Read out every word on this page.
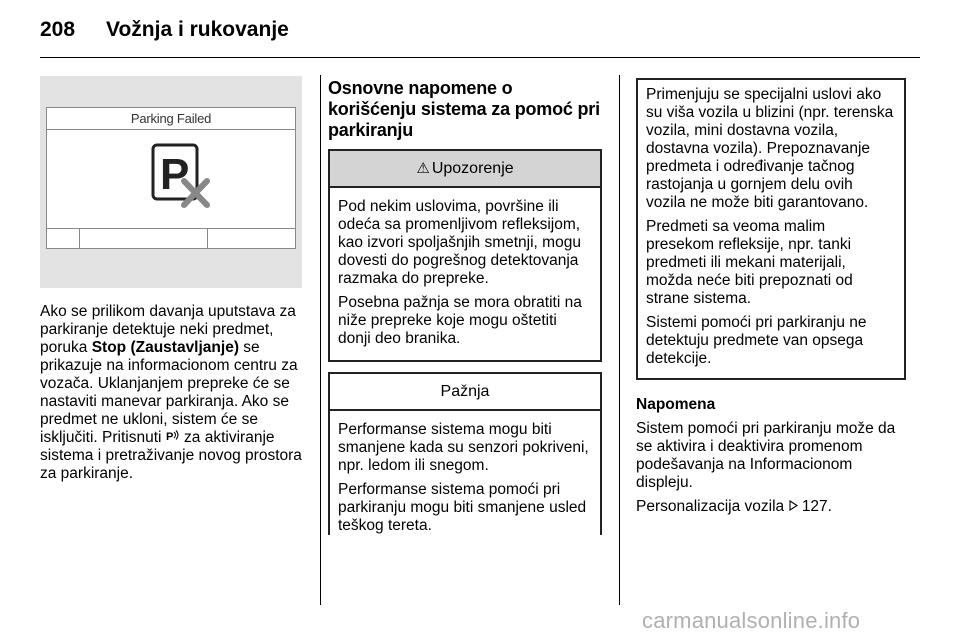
208 Vožnja i rukovanje
Parking Failed
P

Ako se prilikom davanja uputstava za parkiranje detektuje neki predmet, poruka Stop (Zaustavljanje) se prikazuje na informacionom centru za vozača. Uklanjanjem prepreke će se nastaviti manevar parkiranja. Ako se predmet ne ukloni, sistem će se isključiti. Pritisnuti P za aktiviranje sistema i pretraživanje novog prostora za parkiranje.

Osnovne napomene o korišćenju sistema za pomoć pri parkiranju
⚠ Upozorenje

Pod nekim uslovima, površine ili odeća sa promenljivom refleksijom, kao izvori spoljašnjih smetnji, mogu dovesti do pogrešnog detektovanja razmaka do prepreke.

Posebna pažnja se mora obratiti na niže prepreke koje mogu oštetiti donji deo branika.

Pažnja

Performanse sistema mogu biti smanjene kada su senzori pokriveni, npr. ledom ili snegom.

Performanse sistema pomoći pri parkiranju mogu biti smanjene usled teškog tereta.

Primenjuju se specijalni uslovi ako su viša vozila u blizini (npr. terenska vozila, mini dostavna vozila, dostavna vozila). Prepoznavanje predmeta i određivanje tačnog rastojanja u gornjem delu ovih vozila ne može biti garantovano.

Predmeti sa veoma malim presekom refleksije, npr. tanki predmeti ili mekani materijali, možda neće biti prepoznati od strane sistema.

Sistemi pomoći pri parkiranju ne detektuju predmete van opsega detekcije.

Napomena

Sistem pomoći pri parkiranju može da se aktivira i deaktivira promenom podešavanja na Informacionom displeju.

Personalizacija vozila 127.

carmanualsonline.info
